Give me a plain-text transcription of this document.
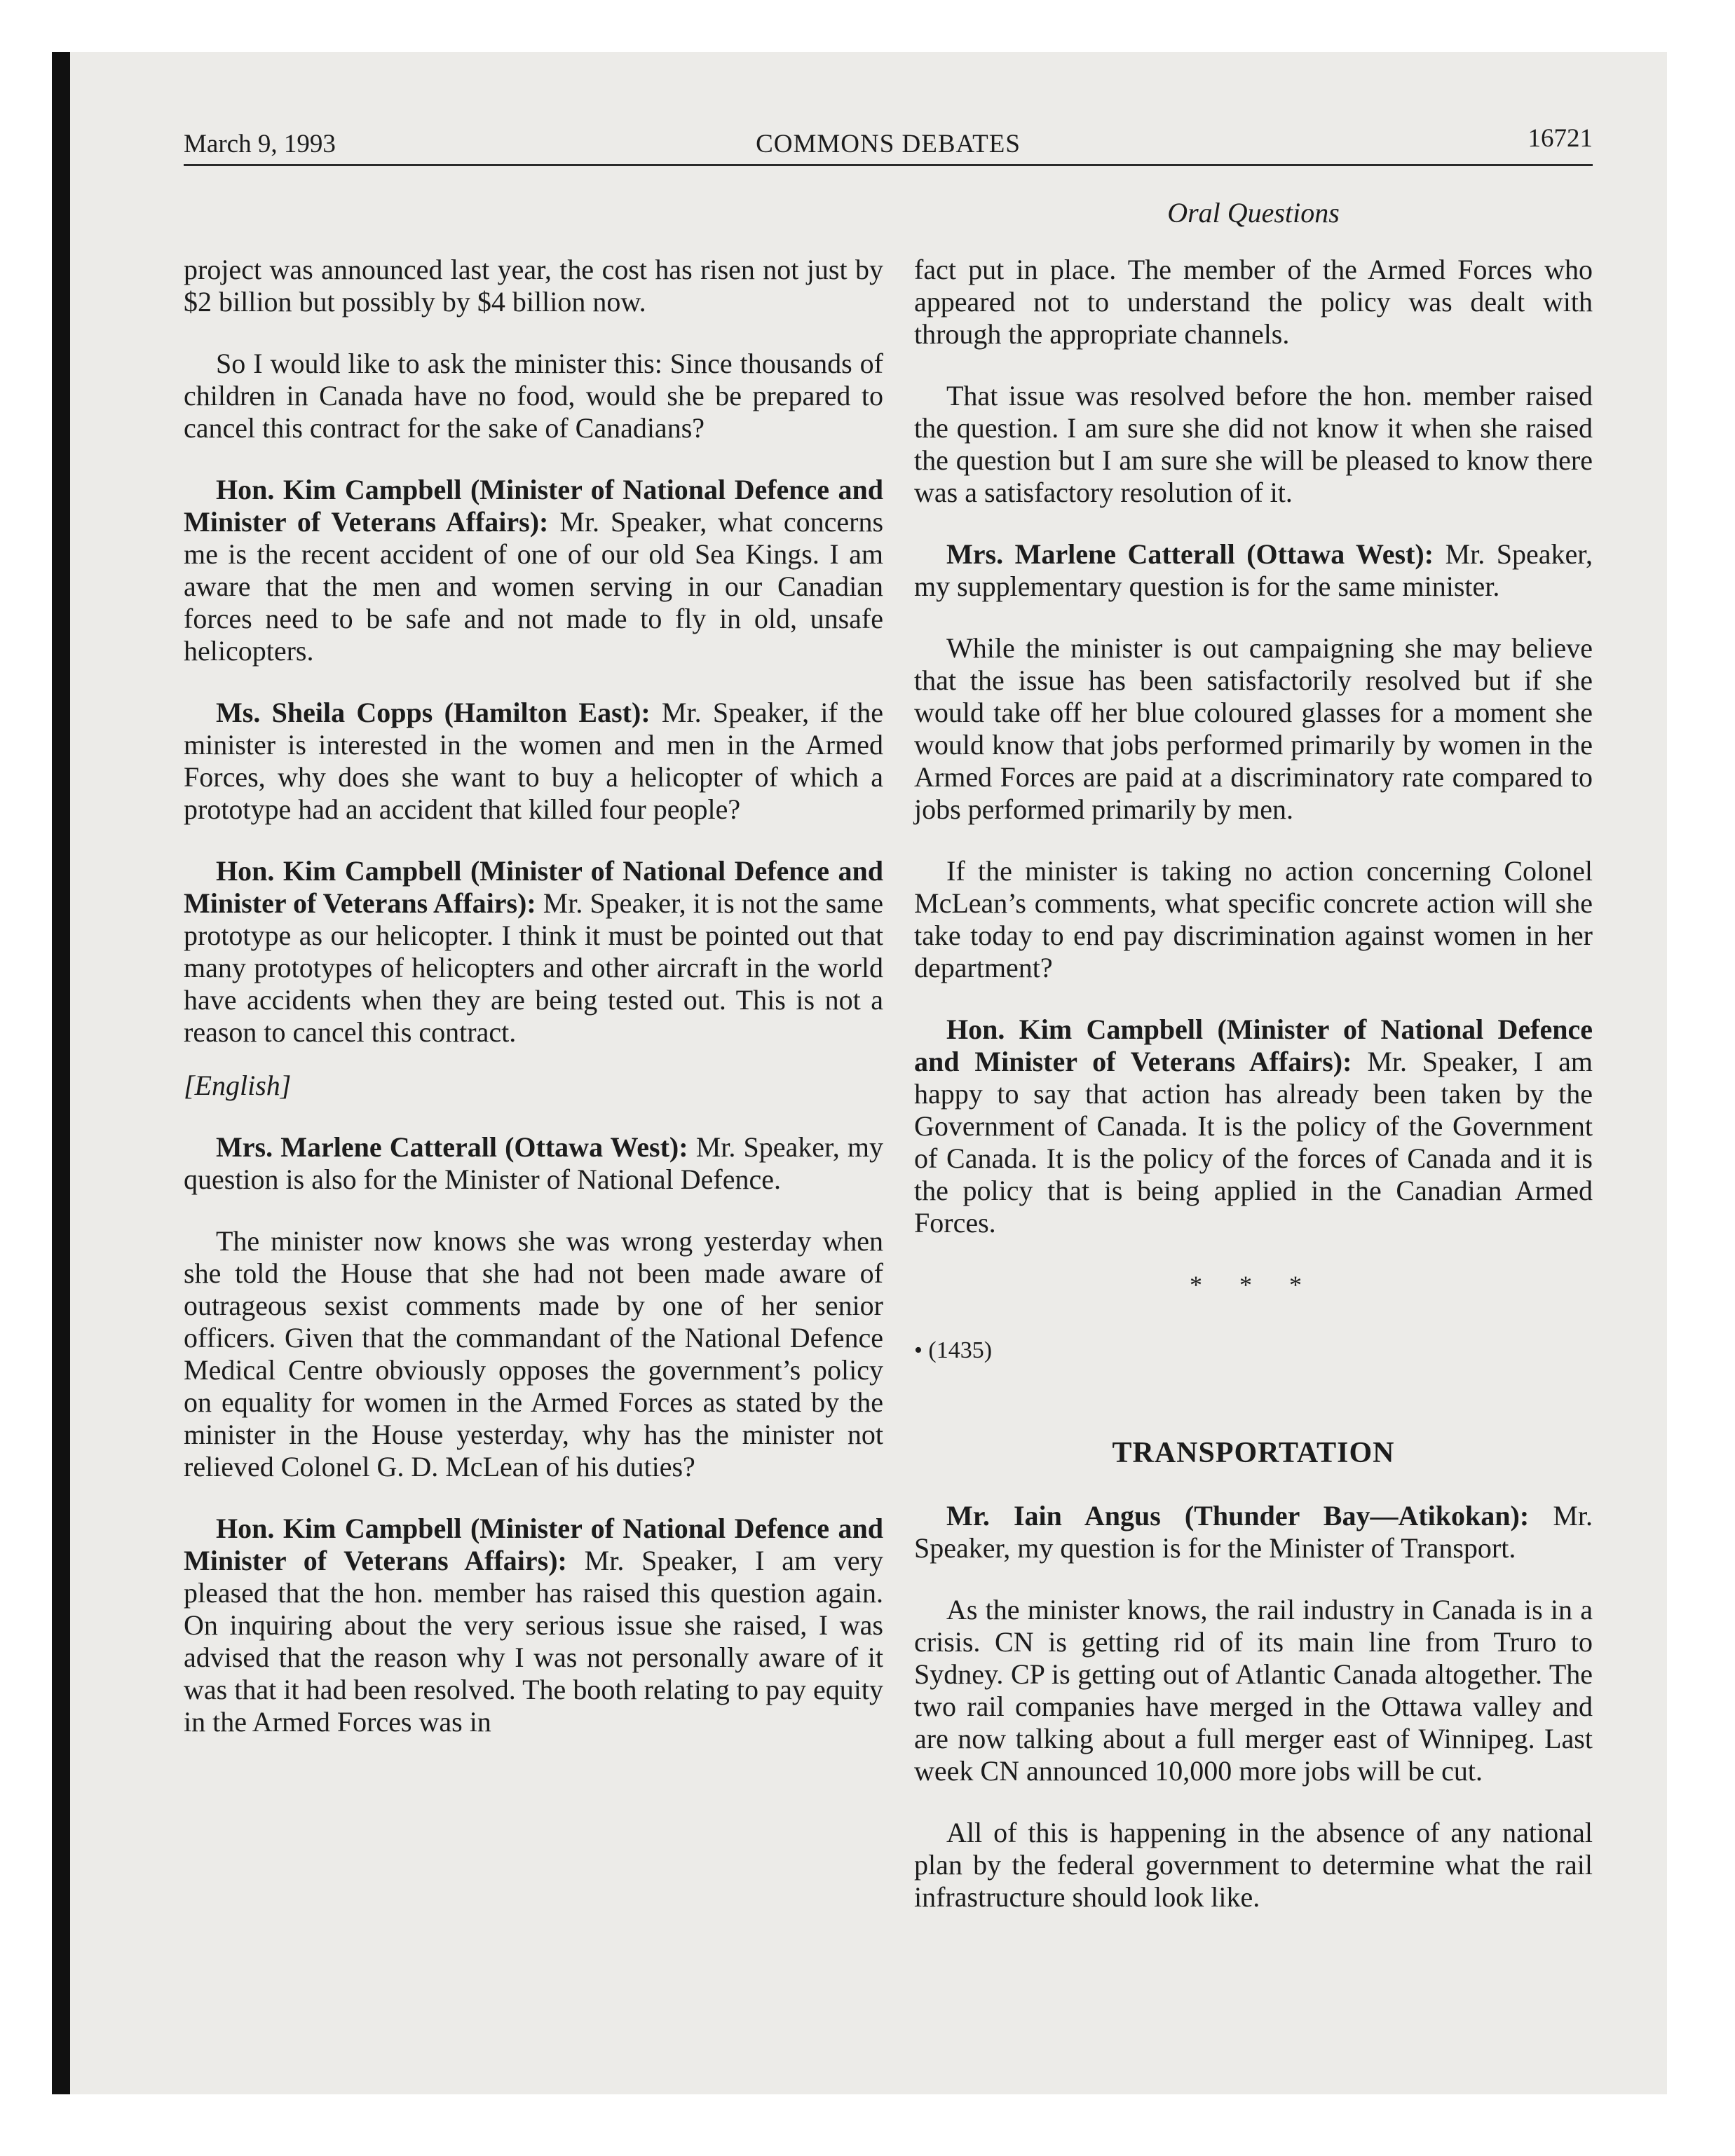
March 9, 1993	COMMONS DEBATES	16721
Oral Questions

project was announced last year, the cost has risen not just by $2 billion but possibly by $4 billion now.

So I would like to ask the minister this: Since thousands of children in Canada have no food, would she be prepared to cancel this contract for the sake of Canadians?

Hon. Kim Campbell (Minister of National Defence and Minister of Veterans Affairs): Mr. Speaker, what concerns me is the recent accident of one of our old Sea Kings. I am aware that the men and women serving in our Canadian forces need to be safe and not made to fly in old, unsafe helicopters.

Ms. Sheila Copps (Hamilton East): Mr. Speaker, if the minister is interested in the women and men in the Armed Forces, why does she want to buy a helicopter of which a prototype had an accident that killed four people?

Hon. Kim Campbell (Minister of National Defence and Minister of Veterans Affairs): Mr. Speaker, it is not the same prototype as our helicopter. I think it must be pointed out that many prototypes of helicopters and other aircraft in the world have accidents when they are being tested out. This is not a reason to cancel this contract.

[English]

Mrs. Marlene Catterall (Ottawa West): Mr. Speaker, my question is also for the Minister of National Defence.

The minister now knows she was wrong yesterday when she told the House that she had not been made aware of outrageous sexist comments made by one of her senior officers. Given that the commandant of the National Defence Medical Centre obviously opposes the government’s policy on equality for women in the Armed Forces as stated by the minister in the House yesterday, why has the minister not relieved Colonel G. D. McLean of his duties?

Hon. Kim Campbell (Minister of National Defence and Minister of Veterans Affairs): Mr. Speaker, I am very pleased that the hon. member has raised this question again. On inquiring about the very serious issue she raised, I was advised that the reason why I was not personally aware of it was that it had been resolved. The booth relating to pay equity in the Armed Forces was in

fact put in place. The member of the Armed Forces who appeared not to understand the policy was dealt with through the appropriate channels.

That issue was resolved before the hon. member raised the question. I am sure she did not know it when she raised the question but I am sure she will be pleased to know there was a satisfactory resolution of it.

Mrs. Marlene Catterall (Ottawa West): Mr. Speaker, my supplementary question is for the same minister.

While the minister is out campaigning she may believe that the issue has been satisfactorily resolved but if she would take off her blue coloured glasses for a moment she would know that jobs performed primarily by women in the Armed Forces are paid at a discriminatory rate compared to jobs performed primarily by men.

If the minister is taking no action concerning Colonel McLean’s comments, what specific concrete action will she take today to end pay discrimination against women in her department?

Hon. Kim Campbell (Minister of National Defence and Minister of Veterans Affairs): Mr. Speaker, I am happy to say that action has already been taken by the Government of Canada. It is the policy of the Government of Canada. It is the policy of the forces of Canada and it is the policy that is being applied in the Canadian Armed Forces.

* * *
• (1435)
TRANSPORTATION

Mr. Iain Angus (Thunder Bay—Atikokan): Mr. Speaker, my question is for the Minister of Transport.

As the minister knows, the rail industry in Canada is in a crisis. CN is getting rid of its main line from Truro to Sydney. CP is getting out of Atlantic Canada altogether. The two rail companies have merged in the Ottawa valley and are now talking about a full merger east of Winnipeg. Last week CN announced 10,000 more jobs will be cut.

All of this is happening in the absence of any national plan by the federal government to determine what the rail infrastructure should look like.
